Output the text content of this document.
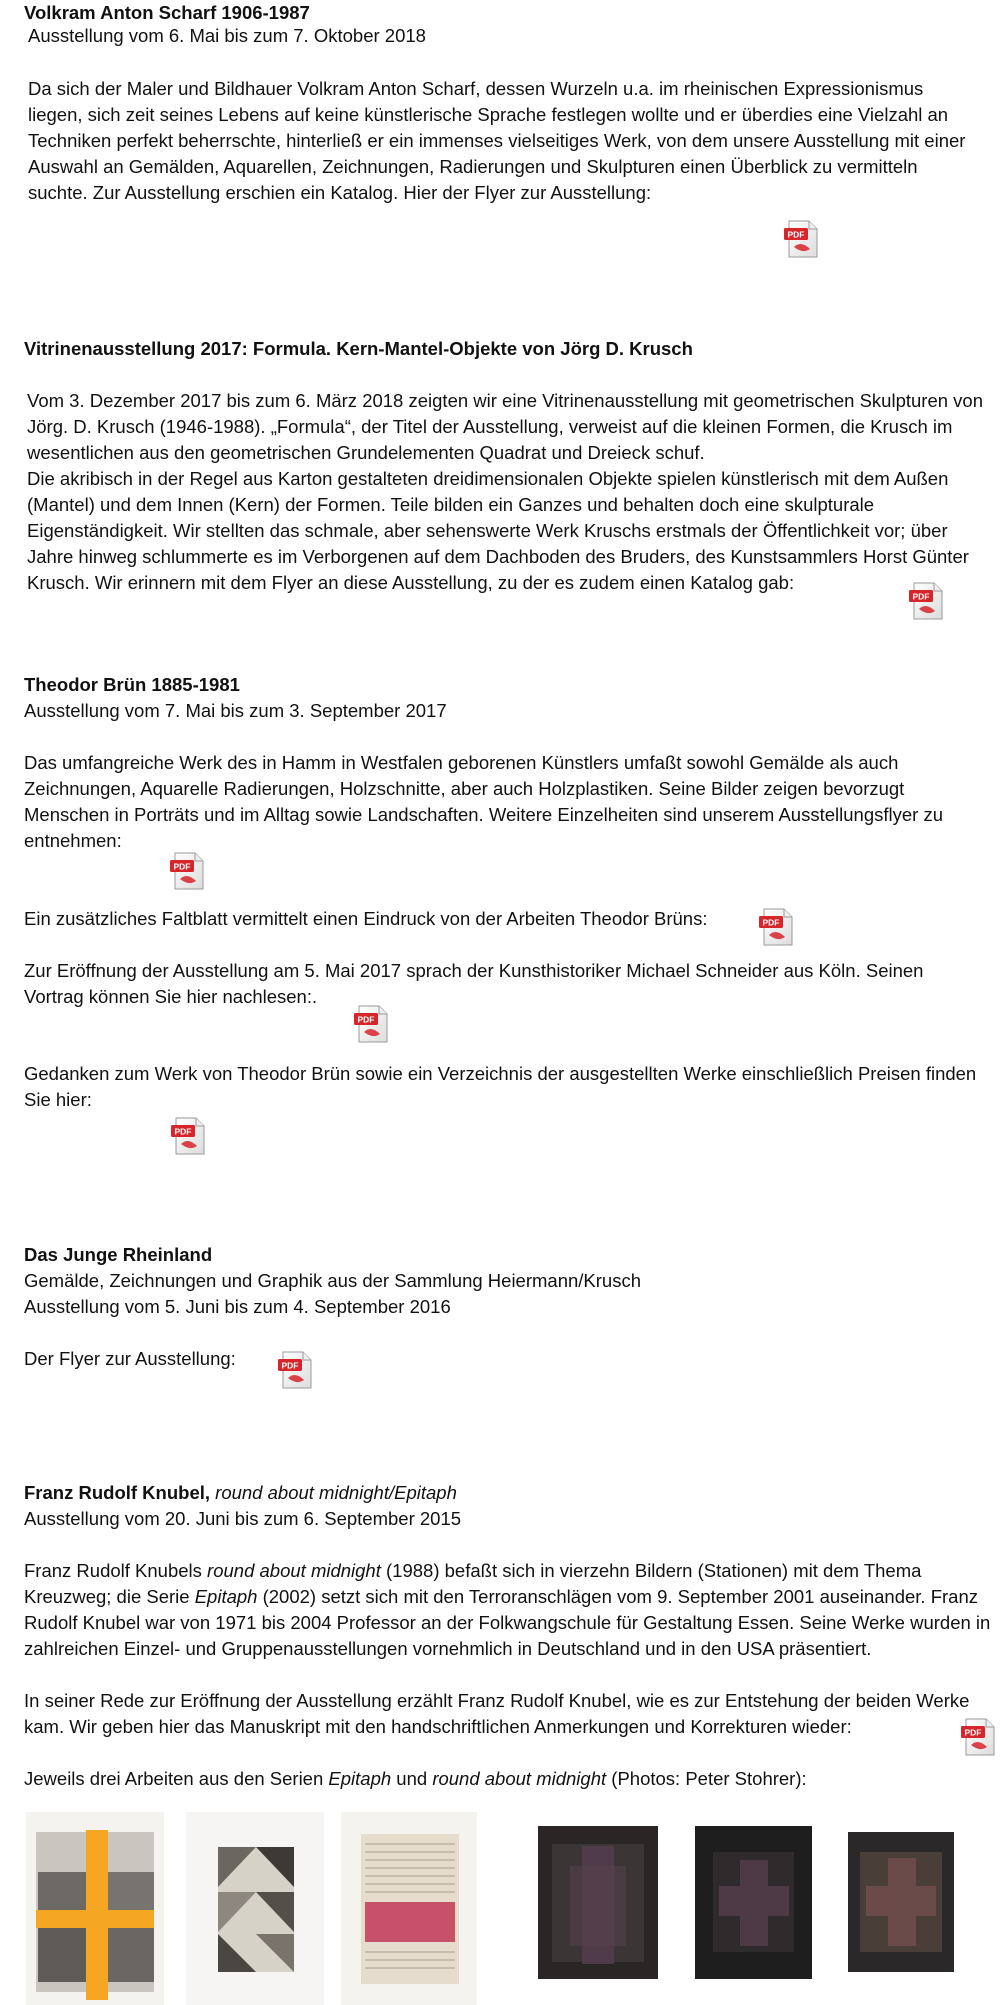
Volkram Anton Scharf 1906-1987
Ausstellung vom 6. Mai bis zum 7. Oktober 2018

Da sich der Maler und Bildhauer Volkram Anton Scharf, dessen Wurzeln u.a. im rheinischen Expressionismus liegen, sich zeit seines Lebens auf keine künstlerische Sprache festlegen wollte und er überdies eine Vielzahl an Techniken perfekt beherrschte, hinterließ er ein immenses vielseitiges Werk, von dem unsere Ausstellung mit einer Auswahl an Gemälden, Aquarellen, Zeichnungen, Radierungen und Skulpturen einen Überblick zu vermitteln suchte. Zur Ausstellung erschien ein Katalog. Hier der Flyer zur Ausstellung:

Vitrinenausstellung 2017: Formula. Kern-Mantel-Objekte von Jörg D. Krusch

Vom 3. Dezember 2017 bis zum 6. März 2018 zeigten wir eine Vitrinenausstellung mit geometrischen Skulpturen von Jörg. D. Krusch (1946-1988). „Formula“, der Titel der Ausstellung, verweist auf die kleinen Formen, die Krusch im wesentlichen aus den geometrischen Grundelementen Quadrat und Dreieck schuf.

Die akribisch in der Regel aus Karton gestalteten dreidimensionalen Objekte spielen künstlerisch mit dem Außen (Mantel) und dem Innen (Kern) der Formen. Teile bilden ein Ganzes und behalten doch eine skulpturale Eigenständigkeit. Wir stellten das schmale, aber sehenswerte Werk Kruschs erstmals der Öffentlichkeit vor; über Jahre hinweg schlummerte es im Verborgenen auf dem Dachboden des Bruders, des Kunstsammlers Horst Günter Krusch. Wir erinnern mit dem Flyer an diese Ausstellung, zu der es zudem einen Katalog gab:

Theodor Brün 1885-1981
Ausstellung vom 7. Mai bis zum 3. September 2017

Das umfangreiche Werk des in Hamm in Westfalen geborenen Künstlers umfaßt sowohl Gemälde als auch Zeichnungen, Aquarelle Radierungen, Holzschnitte, aber auch Holzplastiken. Seine Bilder zeigen bevorzugt Menschen in Porträts und im Alltag sowie Landschaften. Weitere Einzelheiten sind unserem Ausstellungsflyer zu entnehmen:

Ein zusätzliches Faltblatt vermittelt einen Eindruck von der Arbeiten Theodor Brüns:

Zur Eröffnung der Ausstellung am 5. Mai 2017 sprach der Kunsthistoriker Michael Schneider aus Köln. Seinen Vortrag können Sie hier nachlesen:.

Gedanken zum Werk von Theodor Brün sowie ein Verzeichnis der ausgestellten Werke einschließlich Preisen finden Sie hier:

Das Junge Rheinland
Gemälde, Zeichnungen und Graphik aus der Sammlung Heiermann/Krusch
Ausstellung vom 5. Juni bis zum 4. September 2016
Der Flyer zur Ausstellung:
Franz Rudolf Knubel, round about midnight/Epitaph
Ausstellung vom 20. Juni bis zum 6. September 2015

Franz Rudolf Knubels round about midnight (1988) befaßt sich in vierzehn Bildern (Stationen) mit dem Thema Kreuzweg; die Serie Epitaph (2002) setzt sich mit den Terroranschlägen vom 9. September 2001 auseinander. Franz Rudolf Knubel war von 1971 bis 2004 Professor an der Folkwangschule für Gestaltung Essen. Seine Werke wurden in zahlreichen Einzel- und Gruppenausstellungen vornehmlich in Deutschland und in den USA präsentiert.

In seiner Rede zur Eröffnung der Ausstellung erzählt Franz Rudolf Knubel, wie es zur Entstehung der beiden Werke kam. Wir geben hier das Manuskript mit den handschriftlichen Anmerkungen und Korrekturen wieder:

Jeweils drei Arbeiten aus den Serien Epitaph und round about midnight (Photos: Peter Stohrer):
